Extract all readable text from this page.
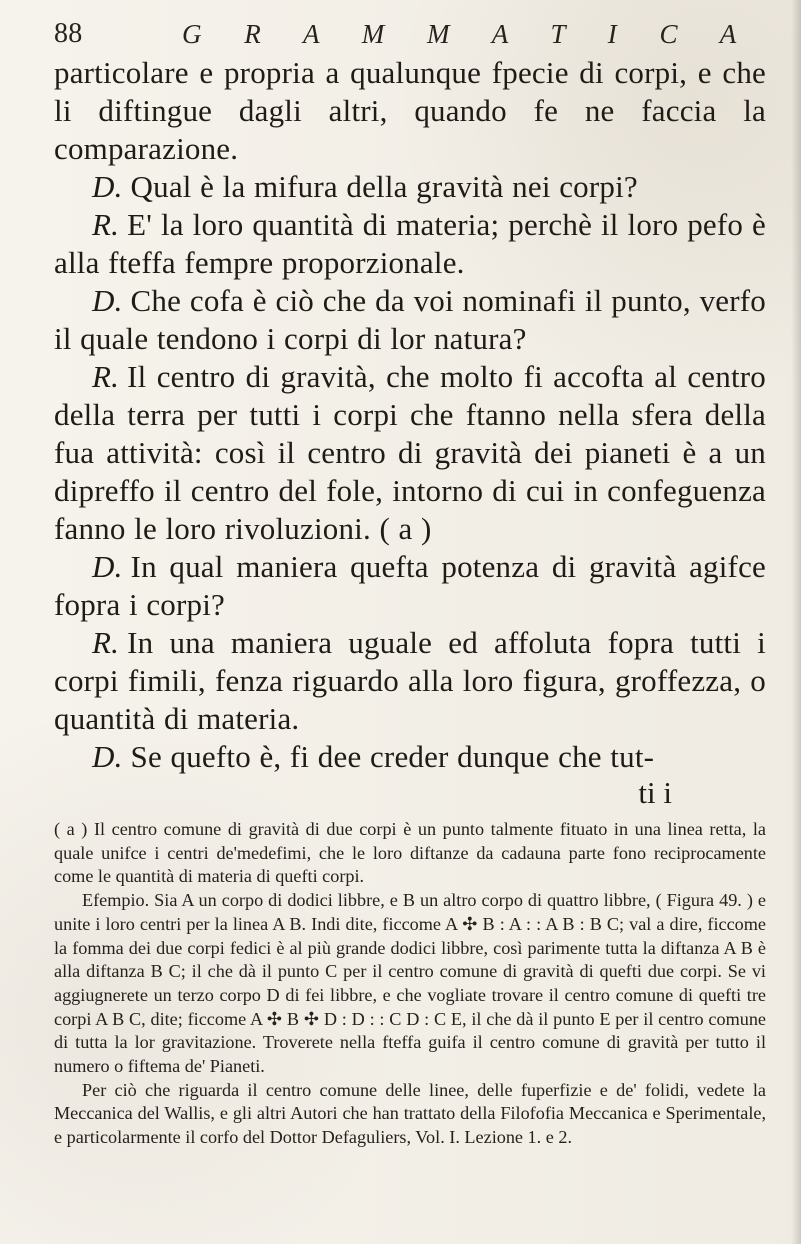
88	G R A M M A T I C A

particolare e propria a qualunque fpecie di corpi, e che li diftingue dagli altri, quando fe ne faccia la comparazione.

D. Qual è la mifura della gravità nei corpi?

R. E' la loro quantità di materia; perchè il loro pefo è alla fteffa fempre proporzionale.

D. Che cofa è ciò che da voi nominafi il punto, verfo il quale tendono i corpi di lor natura?

R. Il centro di gravità, che molto fi accofta al centro della terra per tutti i corpi che ftanno nella sfera della fua attività: così il centro di gravità dei pianeti è a un dipreffo il centro del fole, intorno di cui in confeguenza fanno le loro rivoluzioni. ( a )

D. In qual maniera quefta potenza di gravità agifce fopra i corpi?

R. In una maniera uguale ed affoluta fopra tutti i corpi fimili, fenza riguardo alla loro figura, groffezza, o quantità di materia.

D. Se quefto è, fi dee creder dunque che tut-

ti i

( a ) Il centro comune di gravità di due corpi è un punto talmente fituato in una linea retta, la quale unifce i centri de'medefimi, che le loro diftanze da cadauna parte fono reciprocamente come le quantità di materia di quefti corpi.

Efempio. Sia A un corpo di dodici libbre, e B un altro corpo di quattro libbre, ( Figura 49. ) e unite i loro centri per la linea A B. Indi dite, ficcome A ✣ B : A : : A B : B C; val a dire, ficcome la fomma dei due corpi fedici è al più grande dodici libbre, così parimente tutta la diftanza A B è alla diftanza B C; il che dà il punto C per il centro comune di gravità di quefti due corpi. Se vi aggiugnerete un terzo corpo D di fei libbre, e che vogliate trovare il centro comune di quefti tre corpi A B C, dite; ficcome A ✣ B ✣ D : D : : C D : C E, il che dà il punto E per il centro comune di tutta la lor gravitazione. Troverete nella fteffa guifa il centro comune di gravità per tutto il numero o fiftema de' Pianeti.

Per ciò che riguarda il centro comune delle linee, delle fuperfizie e de' folidi, vedete la Meccanica del Wallis, e gli altri Autori che han trattato della Filofofia Meccanica e Sperimentale, e particolarmente il corfo del Dottor Defaguliers, Vol. I. Lezione 1. e 2.
